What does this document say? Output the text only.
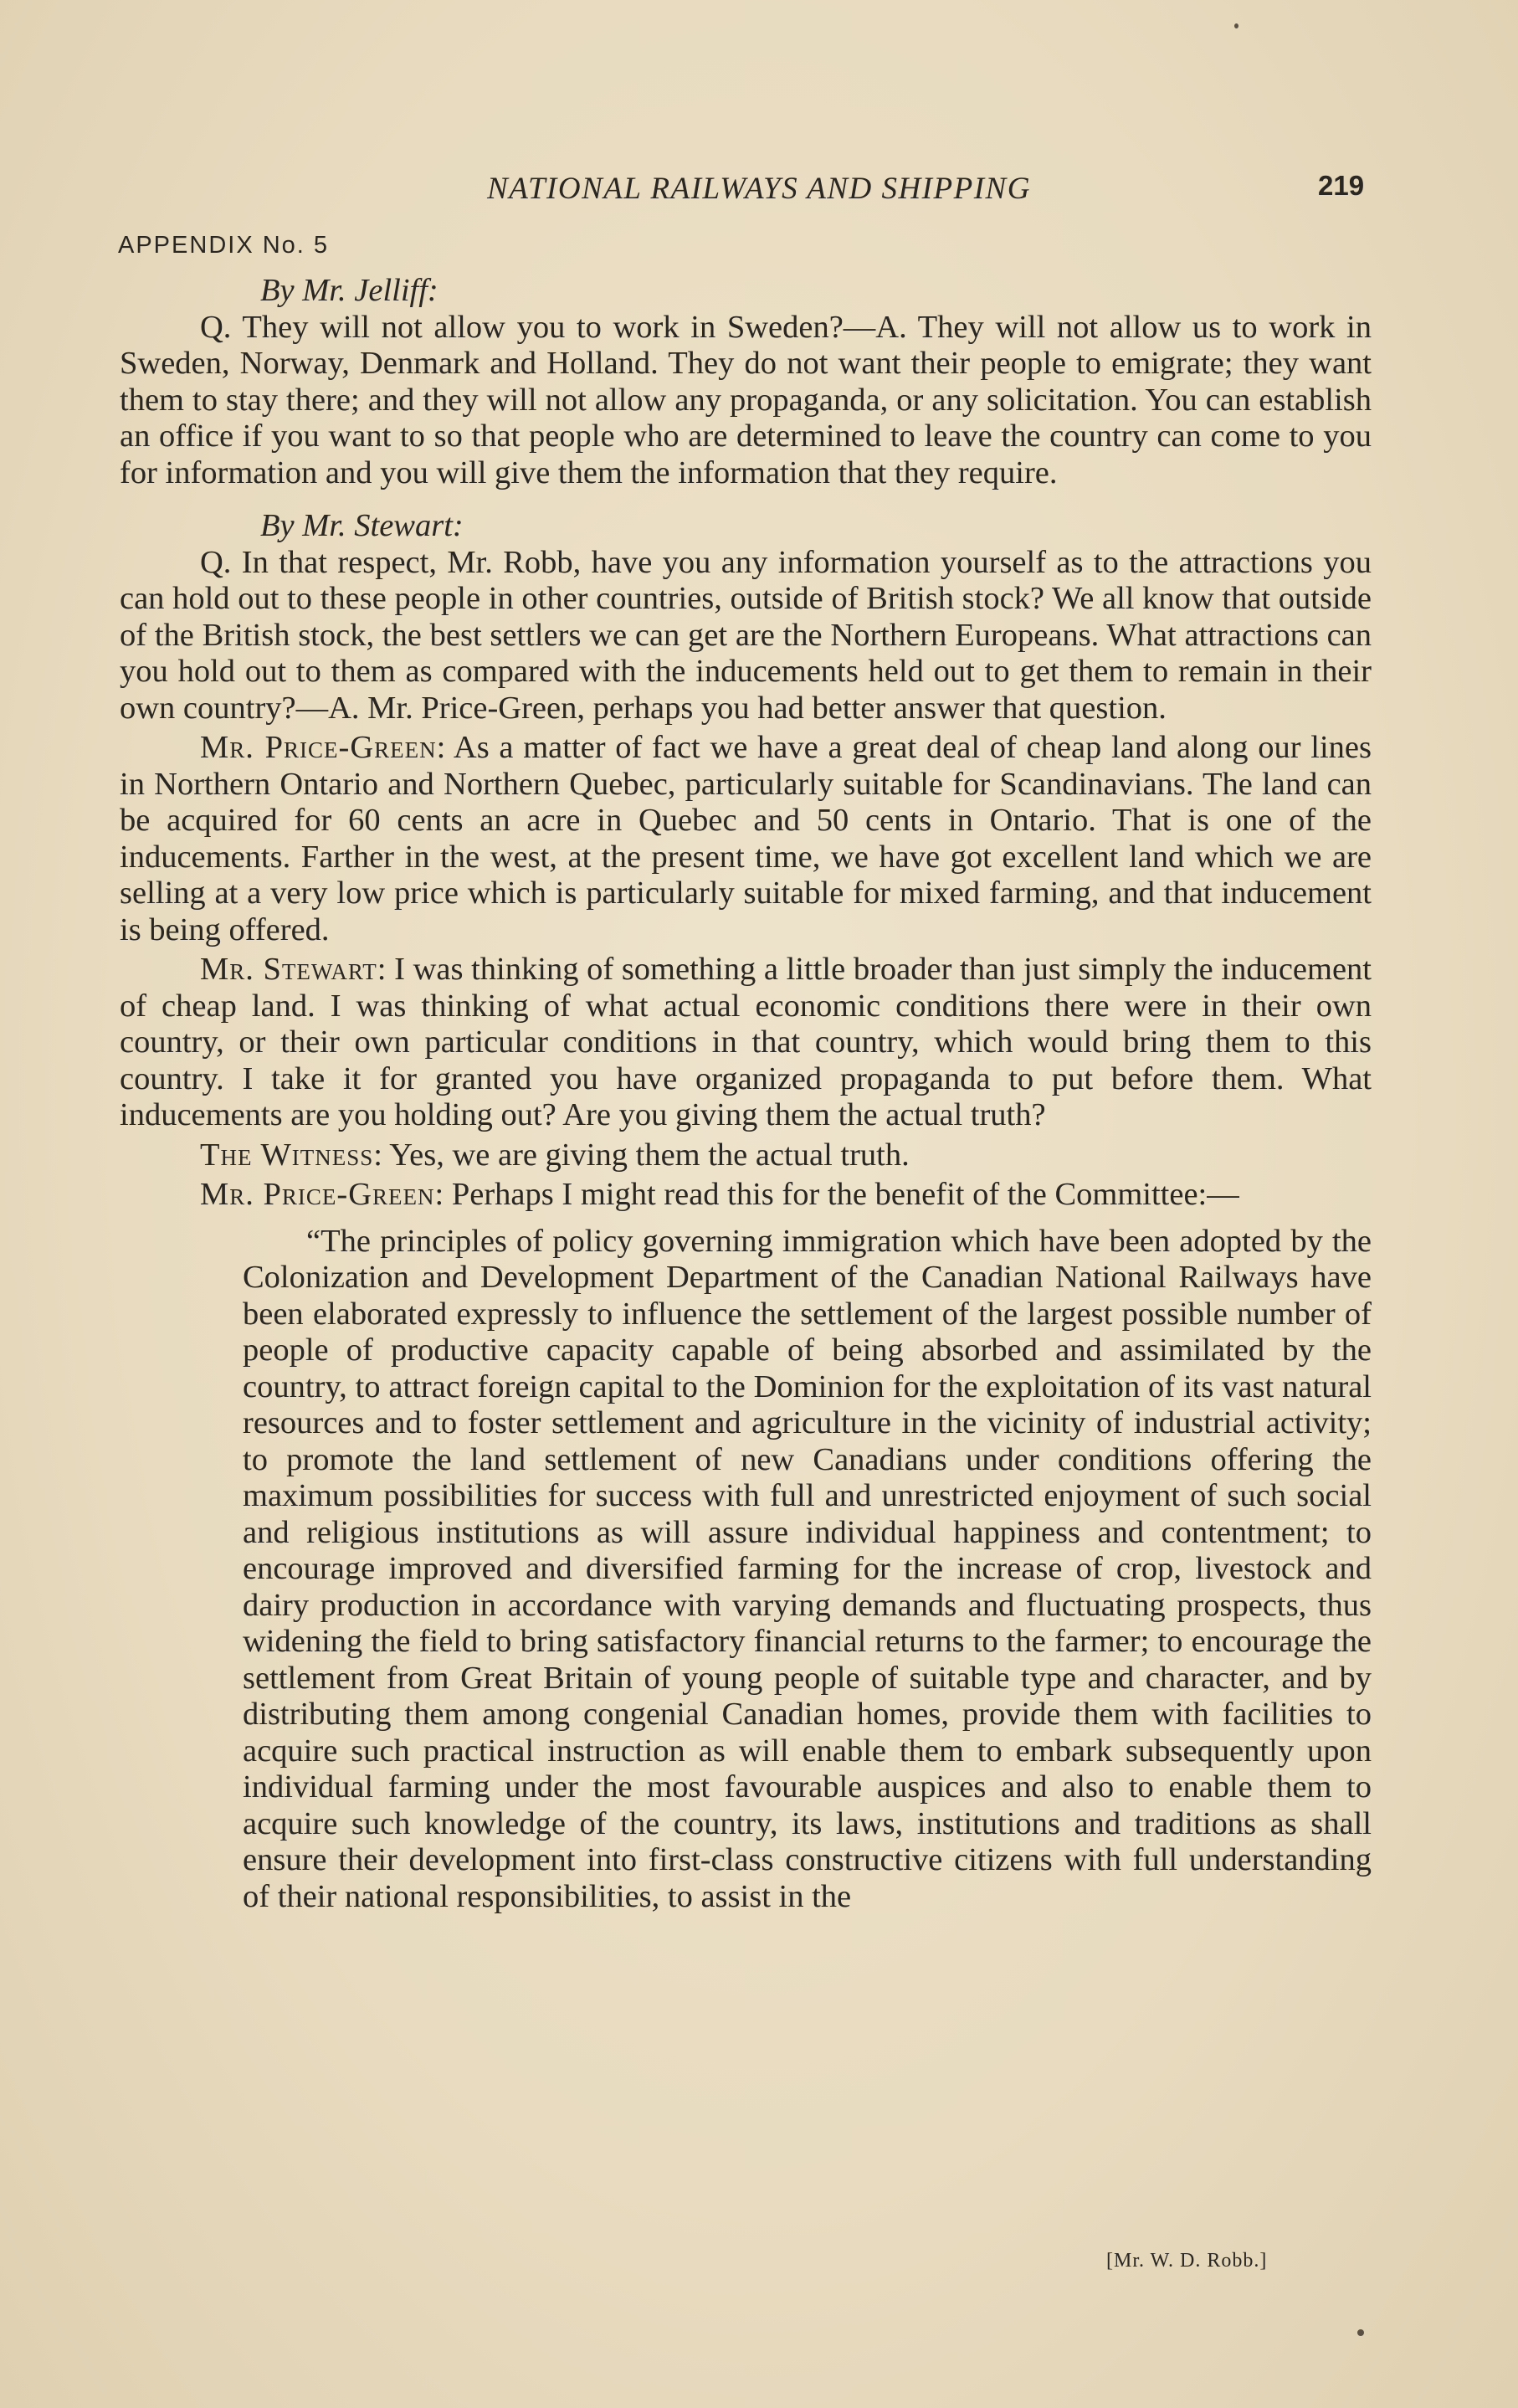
NATIONAL RAILWAYS AND SHIPPING	219
APPENDIX No. 5

By Mr. Jelliff:

Q. They will not allow you to work in Sweden?—A. They will not allow us to work in Sweden, Norway, Denmark and Holland. They do not want their people to emigrate; they want them to stay there; and they will not allow any propaganda, or any solicitation. You can establish an office if you want to so that people who are determined to leave the country can come to you for information and you will give them the information that they require.

By Mr. Stewart:

Q. In that respect, Mr. Robb, have you any information yourself as to the attractions you can hold out to these people in other countries, outside of British stock? We all know that outside of the British stock, the best settlers we can get are the Northern Europeans. What attractions can you hold out to them as compared with the inducements held out to get them to remain in their own country?—A. Mr. Price-Green, perhaps you had better answer that question.

Mr. Price-Green: As a matter of fact we have a great deal of cheap land along our lines in Northern Ontario and Northern Quebec, particularly suitable for Scandinavians. The land can be acquired for 60 cents an acre in Quebec and 50 cents in Ontario. That is one of the inducements. Farther in the west, at the present time, we have got excellent land which we are selling at a very low price which is particularly suitable for mixed farming, and that inducement is being offered.

Mr. Stewart: I was thinking of something a little broader than just simply the inducement of cheap land. I was thinking of what actual economic conditions there were in their own country, or their own particular conditions in that country, which would bring them to this country. I take it for granted you have organized propaganda to put before them. What inducements are you holding out? Are you giving them the actual truth?

The Witness: Yes, we are giving them the actual truth.

Mr. Price-Green: Perhaps I might read this for the benefit of the Committee:—

“The principles of policy governing immigration which have been adopted by the Colonization and Development Department of the Canadian National Railways have been elaborated expressly to influence the settlement of the largest possible number of people of productive capacity capable of being absorbed and assimilated by the country, to attract foreign capital to the Dominion for the exploitation of its vast natural resources and to foster settlement and agriculture in the vicinity of industrial activity; to promote the land settlement of new Canadians under conditions offering the maximum possibilities for success with full and unrestricted enjoyment of such social and religious institutions as will assure individual happiness and contentment; to encourage improved and diversified farming for the increase of crop, livestock and dairy production in accordance with varying demands and fluctuating prospects, thus widening the field to bring satisfactory financial returns to the farmer; to encourage the settlement from Great Britain of young people of suitable type and character, and by distributing them among congenial Canadian homes, provide them with facilities to acquire such practical instruction as will enable them to embark subsequently upon individual farming under the most favourable auspices and also to enable them to acquire such knowledge of the country, its laws, institutions and traditions as shall ensure their development into first-class constructive citizens with full understanding of their national responsibilities, to assist in the

[Mr. W. D. Robb.]
